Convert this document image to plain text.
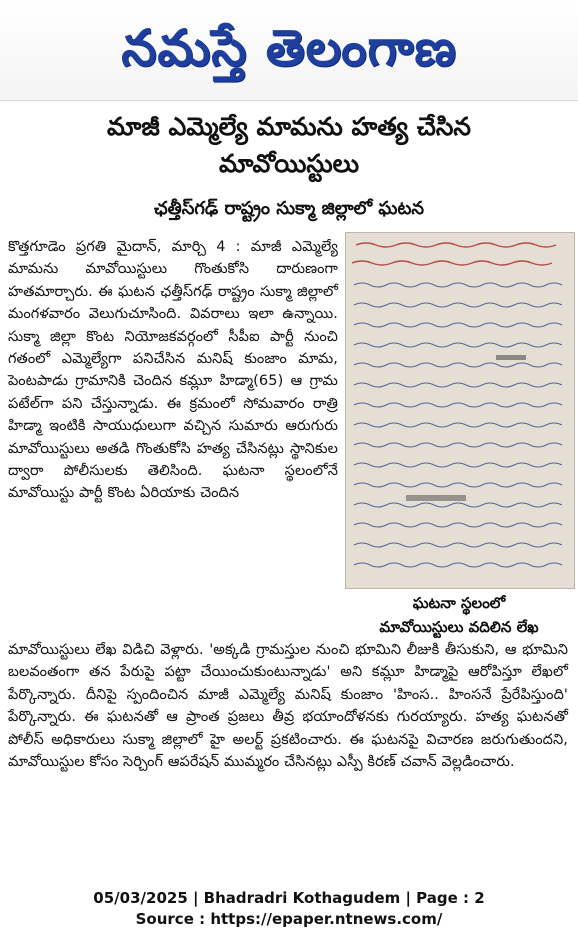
నమస్తే తెలంగాణ
మాజీ ఎమ్మెల్యే మామను హత్య చేసిన
మావోయిస్టులు
ఛత్తీస్‌గఢ్ రాష్ట్రం సుక్మా జిల్లాలో ఘటన
కొత్తగూడెం ప్రగతి మైదాన్, మార్చి 4 : మాజీ ఎమ్మెల్యే మామను మావోయిస్టులు గొంతుకోసి దారుణంగా హతమార్చారు. ఈ ఘటన ఛత్తీస్‌గఢ్ రాష్ట్రం సుక్మా జిల్లాలో మంగళవారం వెలుగుచూసింది. వివరాలు ఇలా ఉన్నాయి. సుక్మా జిల్లా కొంట నియోజకవర్గంలో సీపీఐ పార్టీ నుంచి గతంలో ఎమ్మెల్యేగా పనిచేసిన మనిష్ కుంజాం మామ, పెంటపాడు గ్రామానికి చెందిన కమ్లూ హిడ్మా(65) ఆ గ్రామ పటేల్‌గా పని చేస్తున్నాడు. ఈ క్రమంలో సోమవారం రాత్రి హిడ్మా ఇంటికి సాయుధులుగా వచ్చిన సుమారు ఆరుగురు మావోయిస్టులు అతడి గొంతుకోసి హత్య చేసినట్లు స్థానికుల ద్వారా పోలీసులకు తెలిసింది. ఘటనా స్థలంలోనే మావోయిస్టు పార్టీ కొంట ఏరియాకు చెందిన
ఘటనా స్థలంలో
మావోయిస్టులు వదిలిన లేఖ
మావోయిస్టులు లేఖ విడిచి వెళ్లారు. 'అక్కడి గ్రామస్తుల నుంచి భూమిని లీజుకి తీసుకుని, ఆ భూమిని బలవంతంగా తన పేరుపై పట్టా చేయించుకుంటున్నాడు' అని కమ్లూ హిడ్మాపై ఆరోపిస్తూ లేఖలో పేర్కొన్నారు. దీనిపై స్పందించిన మాజీ ఎమ్మెల్యే మనిష్ కుంజాం 'హింస.. హింసనే ప్రేరేపిస్తుంది' పేర్కొన్నారు. ఈ ఘటనతో ఆ ప్రాంత ప్రజలు తీవ్ర భయాందోళనకు గురయ్యారు. హత్య ఘటనతో పోలీస్ అధికారులు సుక్మా జిల్లాలో హై అలర్ట్ ప్రకటించారు. ఈ ఘటనపై విచారణ జరుగుతుందని, మావోయిస్టుల కోసం సెర్చింగ్ ఆపరేషన్ ముమ్మరం చేసినట్లు ఎస్పీ కిరణ్ చవాన్ వెల్లడించారు.
05/03/2025 | Bhadradri Kothagudem | Page : 2
Source : https://epaper.ntnews.com/
